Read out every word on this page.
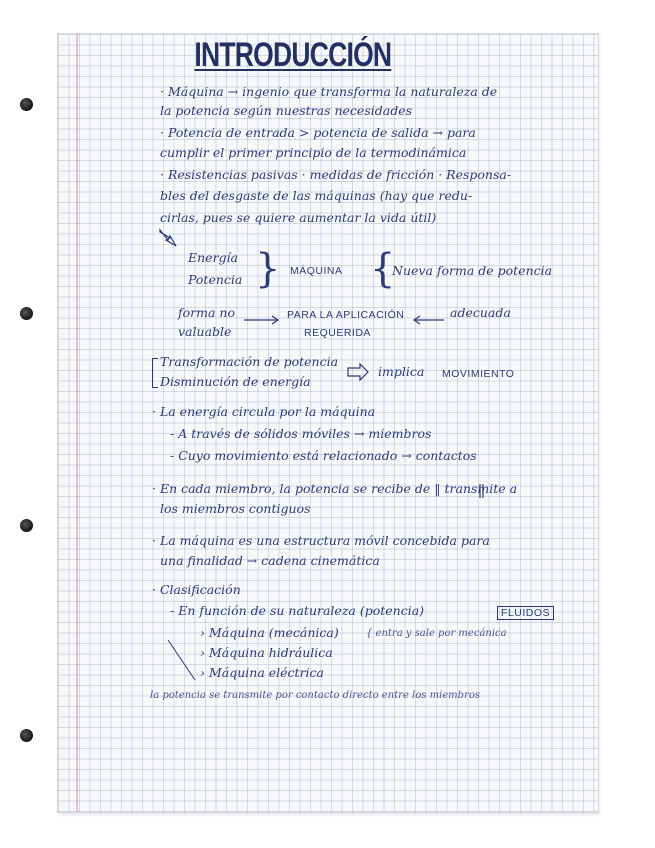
INTRODUCCIÓN
· Máquina → ingenio que transforma la naturaleza de
la potencia según nuestras necesidades
· Potencia de entrada > potencia de salida → para
cumplir el primer principio de la termodinámica
· Resistencias pasivas · medidas de fricción · Responsa-
bles del desgaste de las máquinas (hay que redu-
cirlas, pues se quiere aumentar la vida útil)
Energía
Potencia } MÁQUINA {
Nueva forma de potencia
forma no
valuable
PARA LA APLICACIÓN
REQUERIDA
adecuada
Transformación de potencia
Disminución de energía
implica MOVIMIENTO
· La energía circula por la máquina
- A través de sólidos móviles → miembros
- Cuyo movimiento está relacionado → contactos
· En cada miembro, la potencia se recibe de ‖ transmite a
los miembros contiguos
· La máquina es una estructura móvil concebida para
una finalidad → cadena cinemática
· Clasificación
- En función de su naturaleza (potencia)	FLUIDOS
› Máquina (mecánica)	{ entra y sale por mecánica
› Máquina hidráulica
› Máquina eléctrica
la potencia se transmite por contacto directo entre los miembros
